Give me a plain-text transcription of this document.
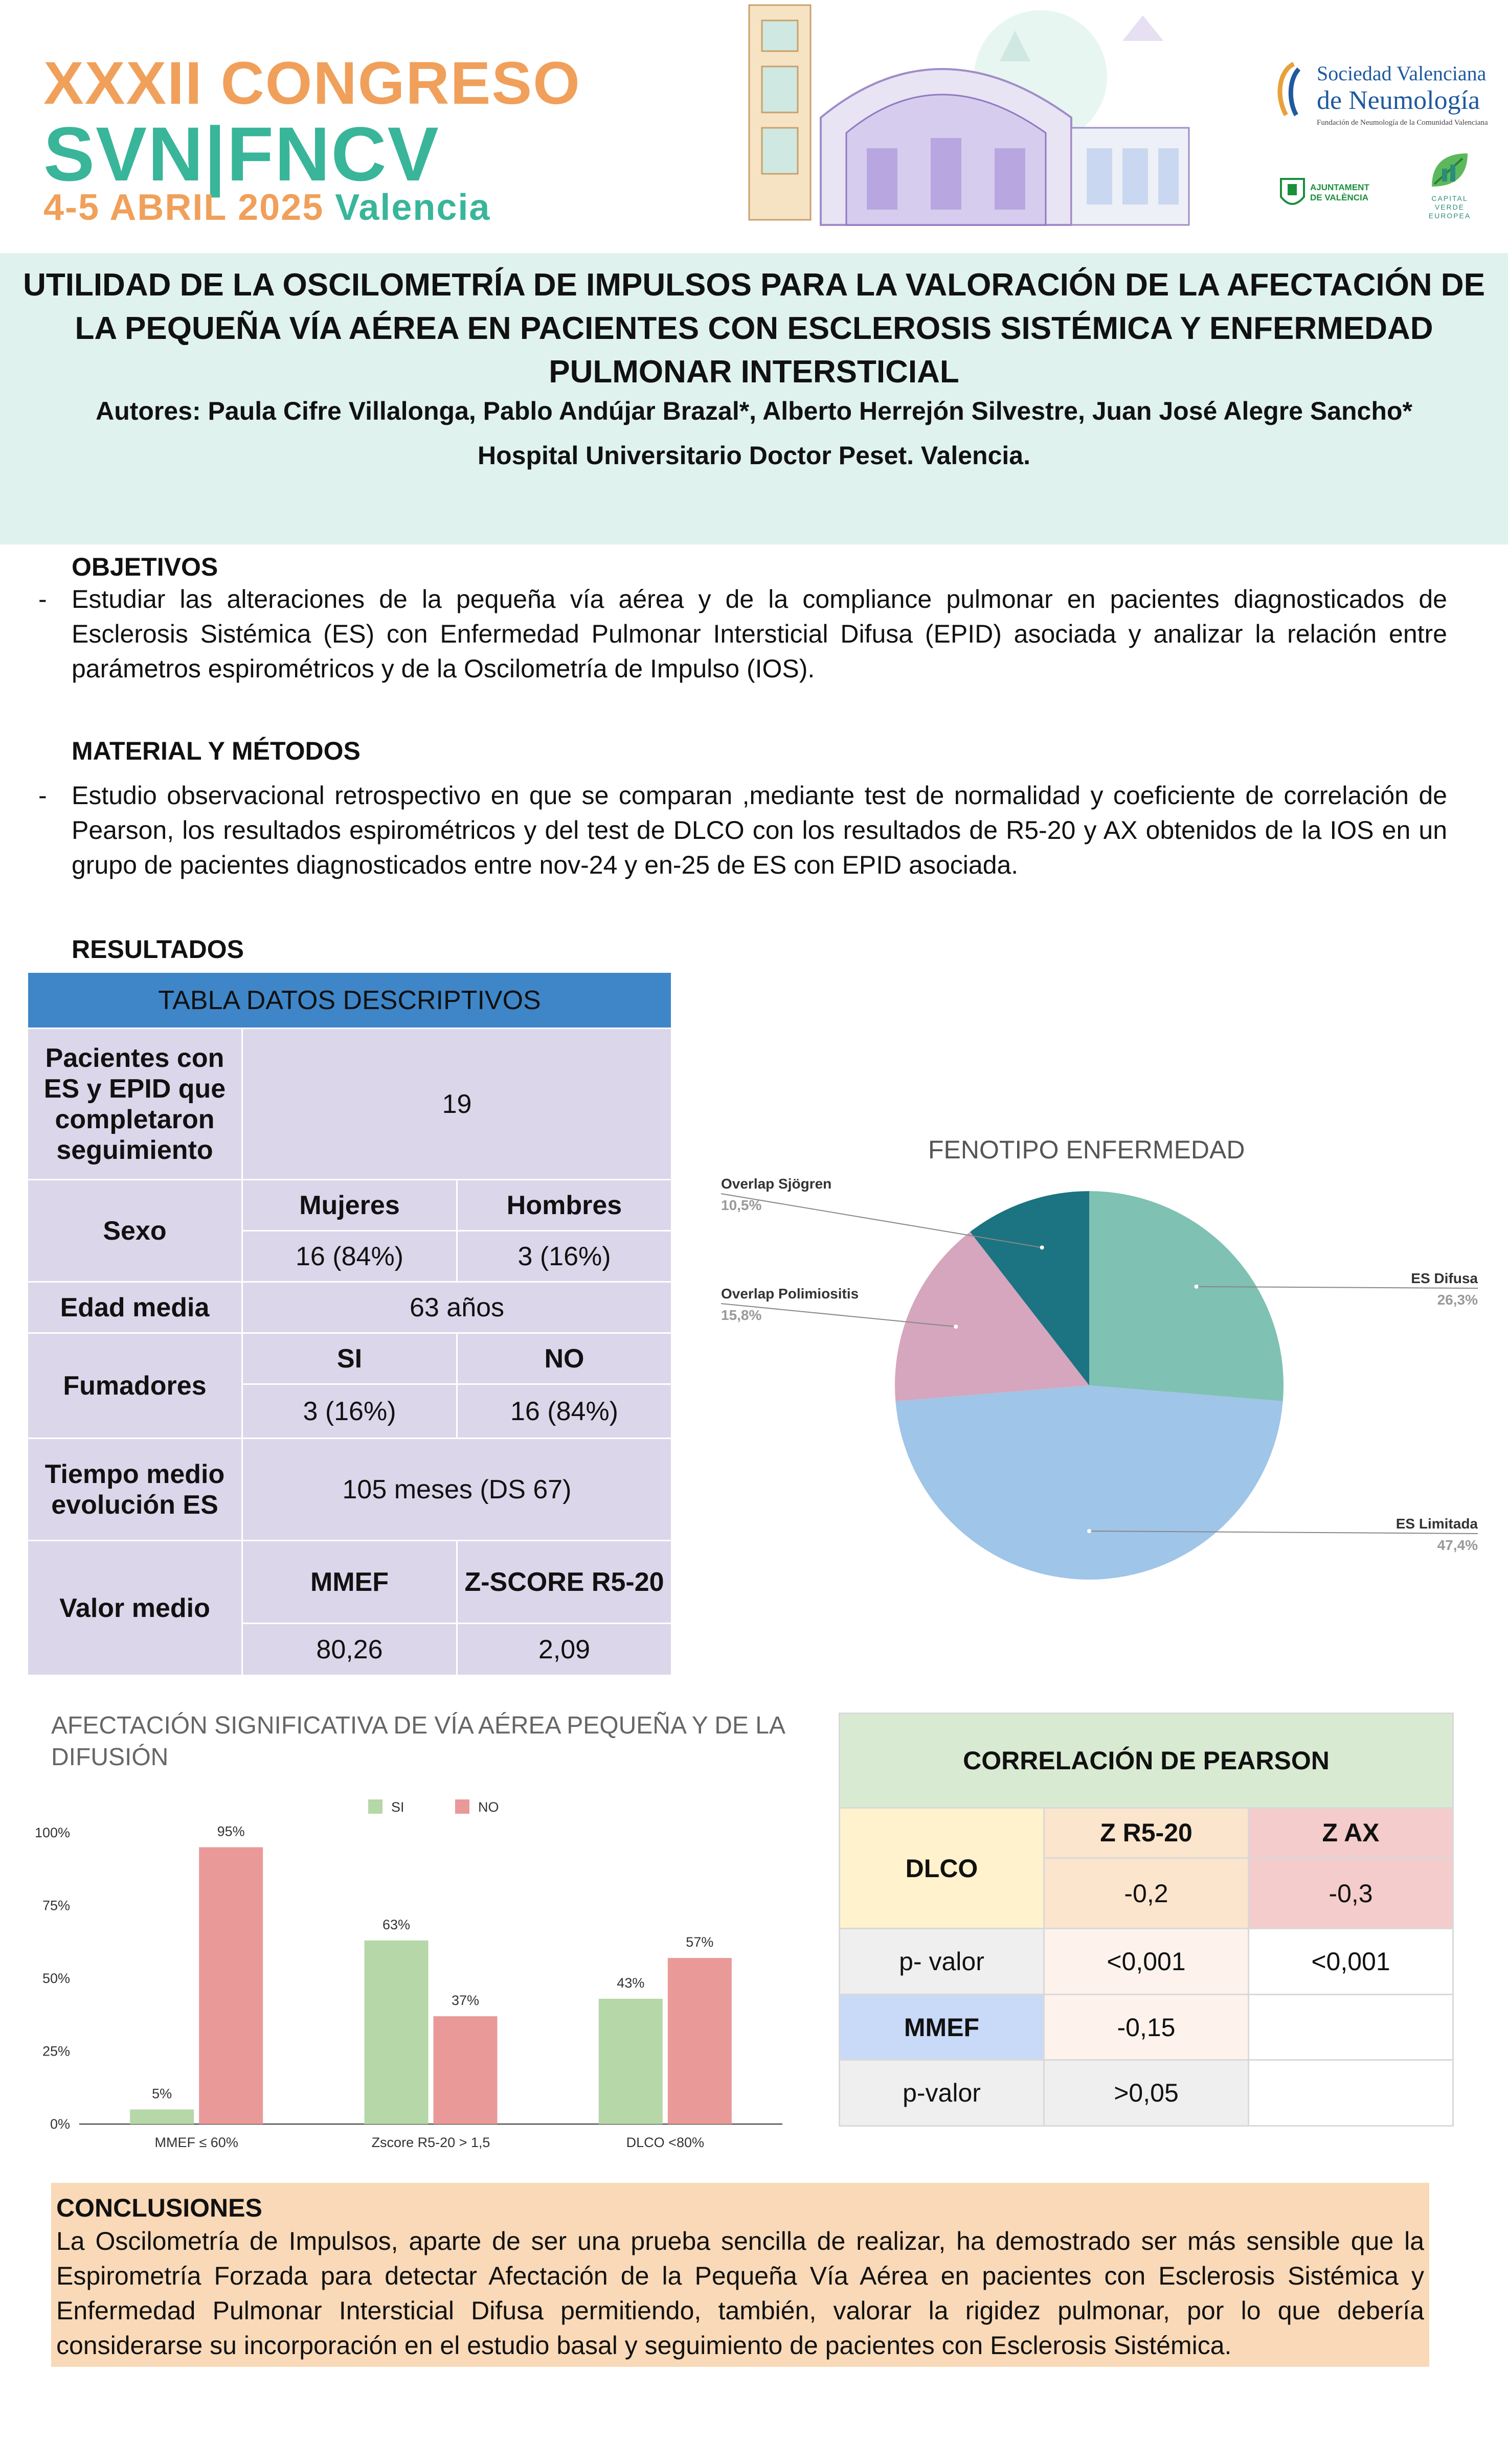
XXXII CONGRESO
SVN|FNCV
4-5 ABRIL 2025 Valencia
Sociedad Valenciana
de Neumología
Fundación de Neumología de la Comunidad Valenciana
AJUNTAMENT
DE VALÈNCIA	CAPITAL VERDE
EUROPEA
UTILIDAD DE LA OSCILOMETRÍA DE IMPULSOS PARA LA VALORACIÓN DE LA AFECTACIÓN DE LA PEQUEÑA VÍA AÉREA EN PACIENTES CON ESCLEROSIS SISTÉMICA Y ENFERMEDAD PULMONAR INTERSTICIAL
Autores: Paula Cifre Villalonga, Pablo Andújar Brazal*, Alberto Herrejón Silvestre, Juan José Alegre Sancho*
Hospital Universitario Doctor Peset. Valencia.
OBJETIVOS
- Estudiar las alteraciones de la pequeña vía aérea y de la compliance pulmonar en pacientes diagnosticados de Esclerosis Sistémica (ES) con Enfermedad Pulmonar Intersticial Difusa (EPID) asociada y analizar la relación entre parámetros espirométricos y de la Oscilometría de Impulso (IOS).
MATERIAL Y MÉTODOS
- Estudio observacional retrospectivo en que se comparan ,mediante test de normalidad y coeficiente de correlación de Pearson, los resultados espirométricos y del test de DLCO con los resultados de R5-20 y AX obtenidos de la IOS en un grupo de pacientes diagnosticados entre nov-24 y en-25 de ES con EPID asociada.
RESULTADOS
TABLA DATOS DESCRIPTIVOS		
Pacientes con ES y EPID que completaron seguimiento	19	
Sexo	Mujeres	Hombres
	16 (84%)	3 (16%)
Edad media	63 años	
Fumadores	SI	NO
	3 (16%)	16 (84%)
Tiempo medio evolución ES	105 meses (DS 67)	
Valor medio	MMEF	Z-SCORE R5-20
	80,26	2,09
FENOTIPO ENFERMEDAD
ES Difusa
26,3%
ES Limitada
47,4%
Overlap Polimiositis
15,8%
Overlap Sjögren
10,5%
AFECTACIÓN SIGNIFICATIVA DE VÍA AÉREA PEQUEÑA Y DE LA DIFUSIÓN
0%
25%
50%
75%
100%
SI	NO
5%
95%
MMEF ≤ 60%
63%
37%
Zscore R5-20 > 1,5
43%
57%
DLCO <80%
CORRELACIÓN DE PEARSON		
DLCO	Z R5-20	Z AX
	-0,2	-0,3
p- valor	<0,001	<0,001
MMEF	-0,15	
p-valor	>0,05	
CONCLUSIONES
La Oscilometría de Impulsos, aparte de ser una prueba sencilla de realizar, ha demostrado ser más sensible que la Espirometría Forzada para detectar Afectación de la Pequeña Vía Aérea en pacientes con Esclerosis Sistémica y Enfermedad Pulmonar Intersticial Difusa permitiendo, también, valorar la rigidez pulmonar, por lo que debería considerarse su incorporación en el estudio basal y seguimiento de pacientes con Esclerosis Sistémica.
